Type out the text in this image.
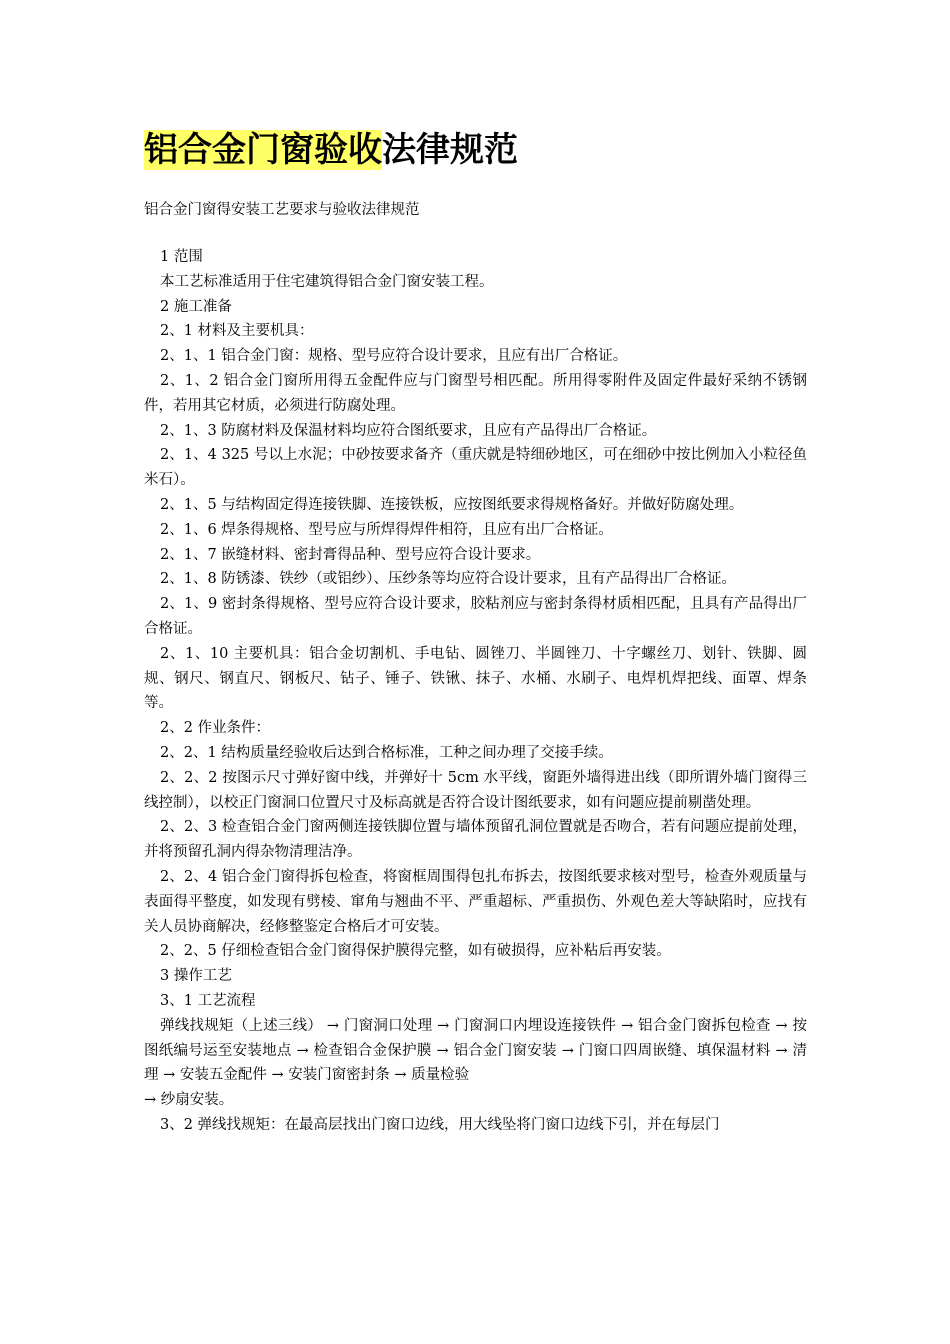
铝合金门窗验收法律规范

铝合金门窗得安装工艺要求与验收法律规范

1 范围

本工艺标准适用于住宅建筑得铝合金门窗安装工程。

2 施工准备

2、1 材料及主要机具：

2、1、1 铝合金门窗：规格、型号应符合设计要求，且应有出厂合格证。

2、1、2 铝合金门窗所用得五金配件应与门窗型号相匹配。所用得零附件及固定件最好采纳不锈钢件，若用其它材质，必须进行防腐处理。

2、1、3 防腐材料及保温材料均应符合图纸要求，且应有产品得出厂合格证。

2、1、4 325 号以上水泥；中砂按要求备齐（重庆就是特细砂地区，可在细砂中按比例加入小粒径鱼米石）。

2、1、5 与结构固定得连接铁脚、连接铁板，应按图纸要求得规格备好。并做好防腐处理。

2、1、6 焊条得规格、型号应与所焊得焊件相符，且应有出厂合格证。

2、1、7 嵌缝材料、密封膏得品种、型号应符合设计要求。

2、1、8 防锈漆、铁纱（或铝纱）、压纱条等均应符合设计要求，且有产品得出厂合格证。

2、1、9 密封条得规格、型号应符合设计要求，胶粘剂应与密封条得材质相匹配，且具有产品得出厂合格证。

2、1、10 主要机具：铝合金切割机、手电钻、圆锉刀、半圆锉刀、十字螺丝刀、划针、铁脚、圆规、钢尺、钢直尺、钢板尺、钻子、锤子、铁锹、抹子、水桶、水刷子、电焊机焊把线、面罩、焊条等。

2、2 作业条件：

2、2、1 结构质量经验收后达到合格标准，工种之间办理了交接手续。

2、2、2 按图示尺寸弹好窗中线，并弹好十 5cm 水平线，窗距外墙得进出线（即所谓外墙门窗得三线控制），以校正门窗洞口位置尺寸及标高就是否符合设计图纸要求，如有问题应提前剔凿处理。

2、2、3 检查铝合金门窗两侧连接铁脚位置与墙体预留孔洞位置就是否吻合，若有问题应提前处理，并将预留孔洞内得杂物清理洁净。

2、2、4 铝合金门窗得拆包检查，将窗框周围得包扎布拆去，按图纸要求核对型号，检查外观质量与表面得平整度，如发现有劈棱、窜角与翘曲不平、严重超标、严重损伤、外观色差大等缺陷时，应找有关人员协商解决，经修整鉴定合格后才可安装。

2、2、5 仔细检查铝合金门窗得保护膜得完整，如有破损得，应补粘后再安装。

3 操作工艺

3、1 工艺流程

弹线找规矩（上述三线） → 门窗洞口处理 → 门窗洞口内埋设连接铁件 → 铝合金门窗拆包检查 → 按图纸编号运至安装地点 → 检查铝合金保护膜 → 铝合金门窗安装 → 门窗口四周嵌缝、填保温材料 → 清理 → 安装五金配件 → 安装门窗密封条 → 质量检验

→ 纱扇安装。

3、2 弹线找规矩：在最高层找出门窗口边线，用大线坠将门窗口边线下引，并在每层门
